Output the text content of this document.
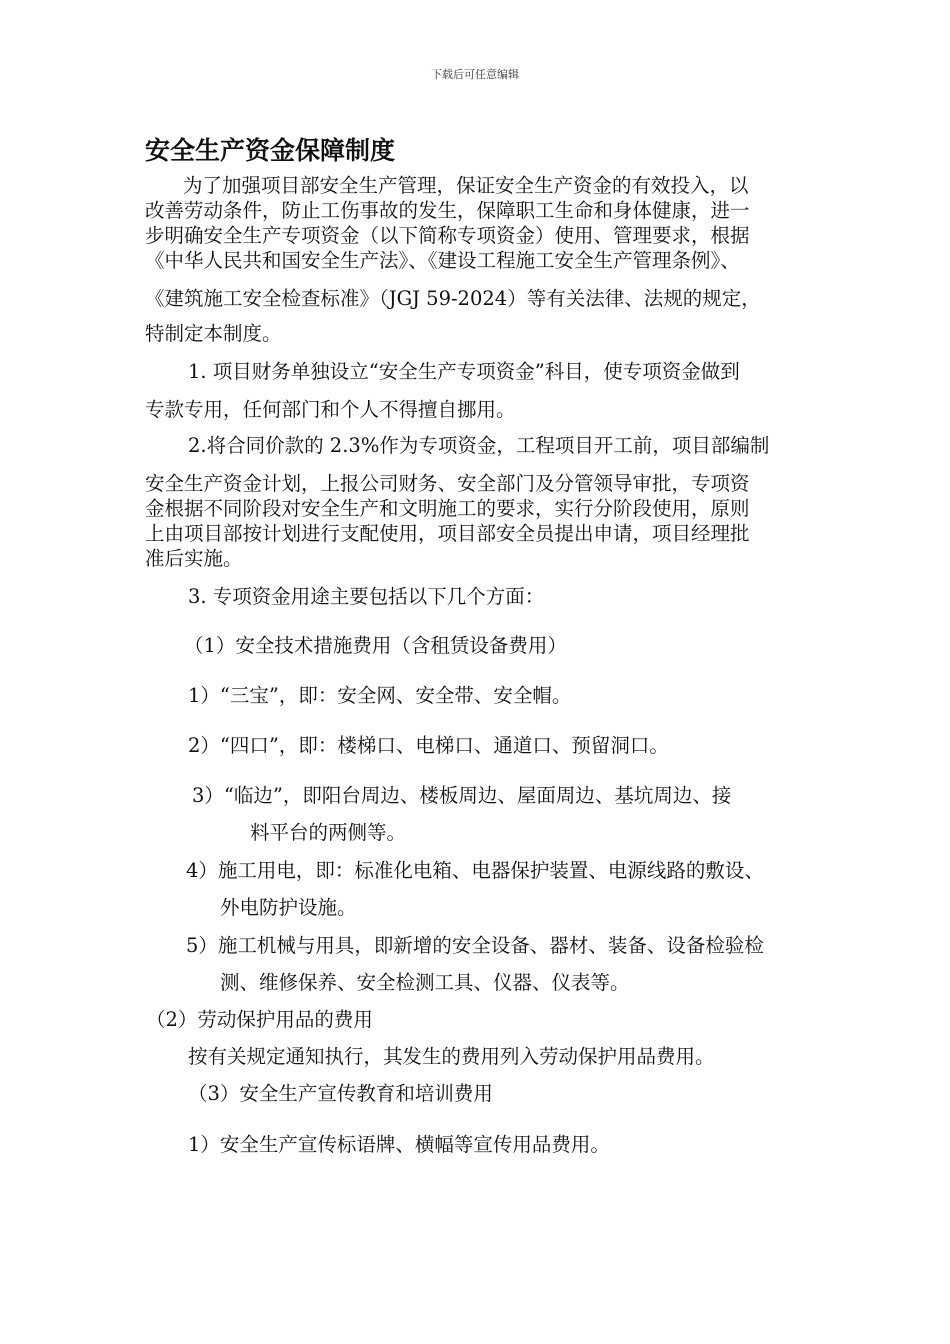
下载后可任意编辑
安全生产资金保障制度

为了加强项目部安全生产管理，保证安全生产资金的有效投入，以

改善劳动条件，防止工伤事故的发生，保障职工生命和身体健康，进一

步明确安全生产专项资金（以下简称专项资金）使用、管理要求，根据

《中华人民共和国安全生产法》、《建设工程施工安全生产管理条例》、

《建筑施工安全检查标准》（JGJ 59-2024）等有关法律、法规的规定，

特制定本制度。

1. 项目财务单独设立“安全生产专项资金”科目，使专项资金做到

专款专用，任何部门和个人不得擅自挪用。

2.将合同价款的 2.3%作为专项资金，工程项目开工前，项目部编制

安全生产资金计划，上报公司财务、安全部门及分管领导审批，专项资

金根据不同阶段对安全生产和文明施工的要求，实行分阶段使用，原则

上由项目部按计划进行支配使用，项目部安全员提出申请，项目经理批

准后实施。

3. 专项资金用途主要包括以下几个方面：

（1）安全技术措施费用（含租赁设备费用）

1）“三宝”，即：安全网、安全带、安全帽。

2）“四口”，即：楼梯口、电梯口、通道口、预留洞口。

3）“临边”，即阳台周边、楼板周边、屋面周边、基坑周边、接

料平台的两侧等。

4）施工用电，即：标准化电箱、电器保护装置、电源线路的敷设、

外电防护设施。

5）施工机械与用具，即新增的安全设备、器材、装备、设备检验检

测、维修保养、安全检测工具、仪器、仪表等。

（2）劳动保护用品的费用

按有关规定通知执行，其发生的费用列入劳动保护用品费用。

（3）安全生产宣传教育和培训费用

1）安全生产宣传标语牌、横幅等宣传用品费用。
